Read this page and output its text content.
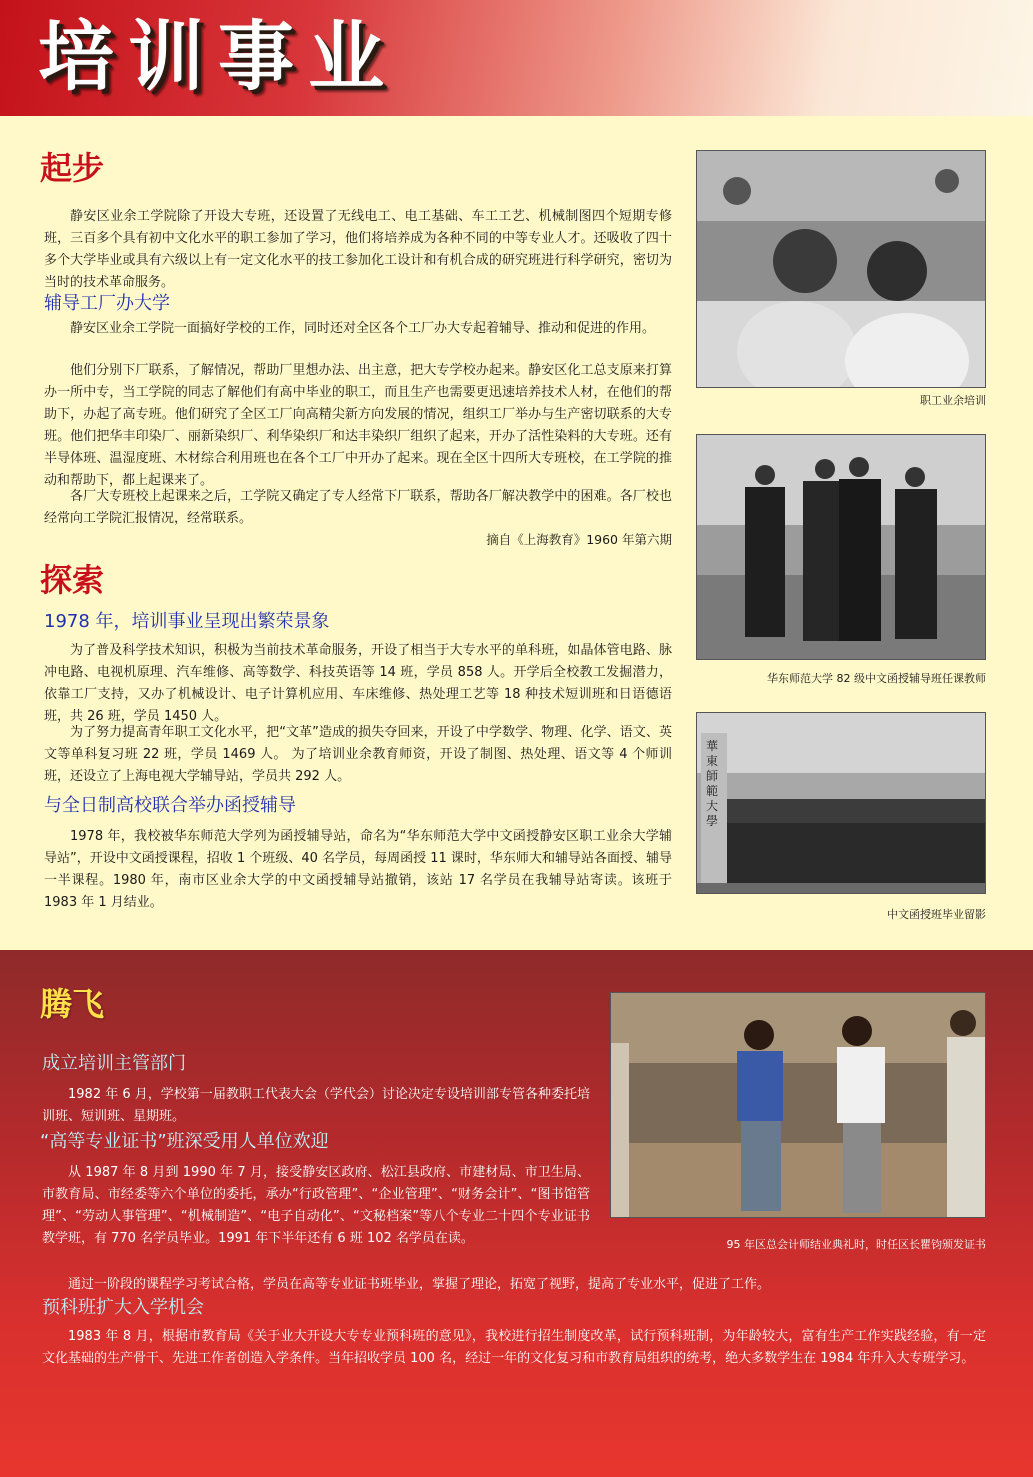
培训事业
起步
静安区业余工学院除了开设大专班，还设置了无线电工、电工基础、车工工艺、机械制图四个短期专修班，三百多个具有初中文化水平的职工参加了学习，他们将培养成为各种不同的中等专业人才。还吸收了四十多个大学毕业或具有六级以上有一定文化水平的技工参加化工设计和有机合成的研究班进行科学研究，密切为当时的技术革命服务。
辅导工厂办大学
静安区业余工学院一面搞好学校的工作，同时还对全区各个工厂办大专起着辅导、推动和促进的作用。
他们分别下厂联系，了解情况，帮助厂里想办法、出主意，把大专学校办起来。静安区化工总支原来打算办一所中专，当工学院的同志了解他们有高中毕业的职工，而且生产也需要更迅速培养技术人材，在他们的帮助下，办起了高专班。他们研究了全区工厂向高精尖新方向发展的情况，组织工厂举办与生产密切联系的大专班。他们把华丰印染厂、丽新染织厂、利华染织厂和达丰染织厂组织了起来，开办了活性染料的大专班。还有半导体班、温湿度班、木材综合利用班也在各个工厂中开办了起来。现在全区十四所大专班校，在工学院的推动和帮助下，都上起课来了。
各厂大专班校上起课来之后，工学院又确定了专人经常下厂联系，帮助各厂解决教学中的困难。各厂校也经常向工学院汇报情况，经常联系。
摘自《上海教育》1960 年第六期
探索
1978 年，培训事业呈现出繁荣景象
为了普及科学技术知识，积极为当前技术革命服务，开设了相当于大专水平的单科班，如晶体管电路、脉冲电路、电视机原理、汽车维修、高等数学、科技英语等 14 班，学员 858 人。开学后全校教工发掘潜力，依靠工厂支持，又办了机械设计、电子计算机应用、车床维修、热处理工艺等 18 种技术短训班和日语德语班，共 26 班，学员 1450 人。
为了努力提高青年职工文化水平，把“文革”造成的损失夺回来，开设了中学数学、物理、化学、语文、英文等单科复习班 22 班，学员 1469 人。 为了培训业余教育师资，开设了制图、热处理、语文等 4 个师训班，还设立了上海电视大学辅导站，学员共 292 人。
与全日制高校联合举办函授辅导
1978 年，我校被华东师范大学列为函授辅导站，命名为“华东师范大学中文函授静安区职工业余大学辅导站”，开设中文函授课程，招收 1 个班级、40 名学员，每周函授 11 课时，华东师大和辅导站各面授、辅导一半课程。1980 年，南市区业余大学的中文函授辅导站撤销，该站 17 名学员在我辅导站寄读。该班于 1983 年 1 月结业。
职工业余培训
华东师范大学 82 级中文函授辅导班任课教师
華東師範大學
中文函授班毕业留影
腾飞
成立培训主管部门
1982 年 6 月，学校第一届教职工代表大会（学代会）讨论决定专设培训部专管各种委托培训班、短训班、星期班。
“高等专业证书”班深受用人单位欢迎
从 1987 年 8 月到 1990 年 7 月，接受静安区政府、松江县政府、市建材局、市卫生局、市教育局、市经委等六个单位的委托，承办“行政管理”、“企业管理”、“财务会计”、“图书馆管理”、“劳动人事管理”、“机械制造”、“电子自动化”、“文秘档案”等八个专业二十四个专业证书教学班，有 770 名学员毕业。1991 年下半年还有 6 班 102 名学员在读。
通过一阶段的课程学习考试合格，学员在高等专业证书班毕业，掌握了理论，拓宽了视野，提高了专业水平，促进了工作。
预科班扩大入学机会
1983 年 8 月，根据市教育局《关于业大开设大专专业预科班的意见》，我校进行招生制度改革，试行预科班制，为年龄较大，富有生产工作实践经验，有一定文化基础的生产骨干、先进工作者创造入学条件。当年招收学员 100 名，经过一年的文化复习和市教育局组织的统考，绝大多数学生在 1984 年升入大专班学习。
95 年区总会计师结业典礼时，时任区长瞿钧颁发证书
